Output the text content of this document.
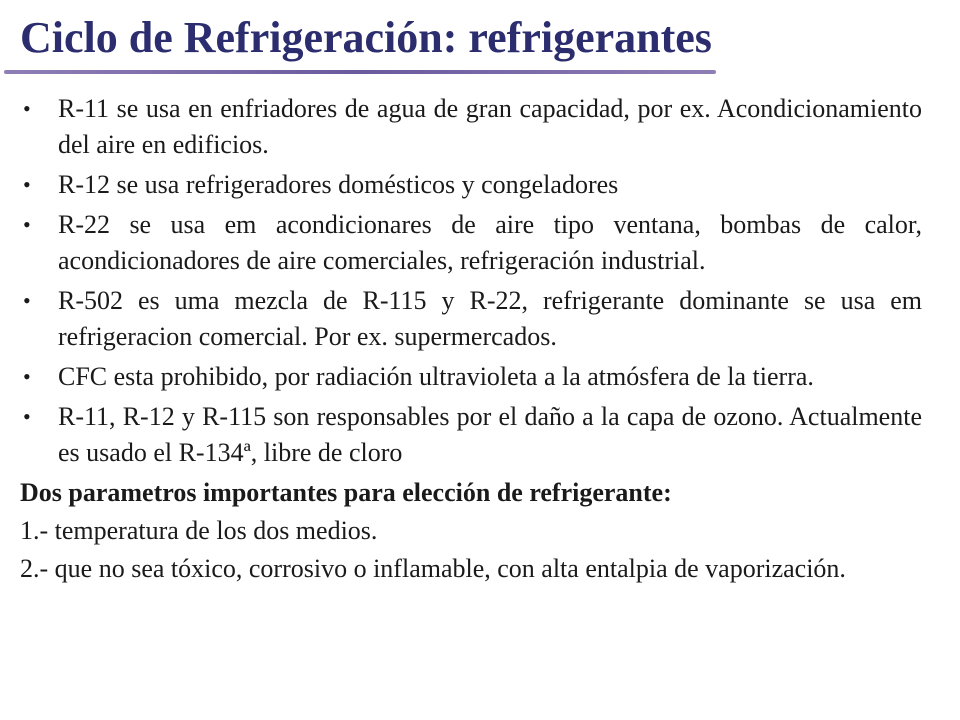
Ciclo de Refrigeración: refrigerantes
• R-11 se usa en enfriadores de agua de gran capacidad, por ex. Acondicionamiento del aire en edificios.
• R-12 se usa refrigeradores domésticos y congeladores
• R-22 se usa em acondicionares de aire tipo ventana, bombas de calor, acondicionadores de aire comerciales, refrigeración industrial.
• R-502 es uma mezcla de R-115 y R-22, refrigerante dominante se usa em refrigeracion comercial. Por ex. supermercados.
• CFC esta prohibido, por radiación ultravioleta a la atmósfera de la tierra.
• R-11, R-12 y R-115 son responsables por el daño a la capa de ozono. Actualmente es usado el R-134ª, libre de cloro

Dos parametros importantes para elección de refrigerante:

1.- temperatura de los dos medios.

2.- que no sea tóxico, corrosivo o inflamable, con alta entalpia de vaporización.
